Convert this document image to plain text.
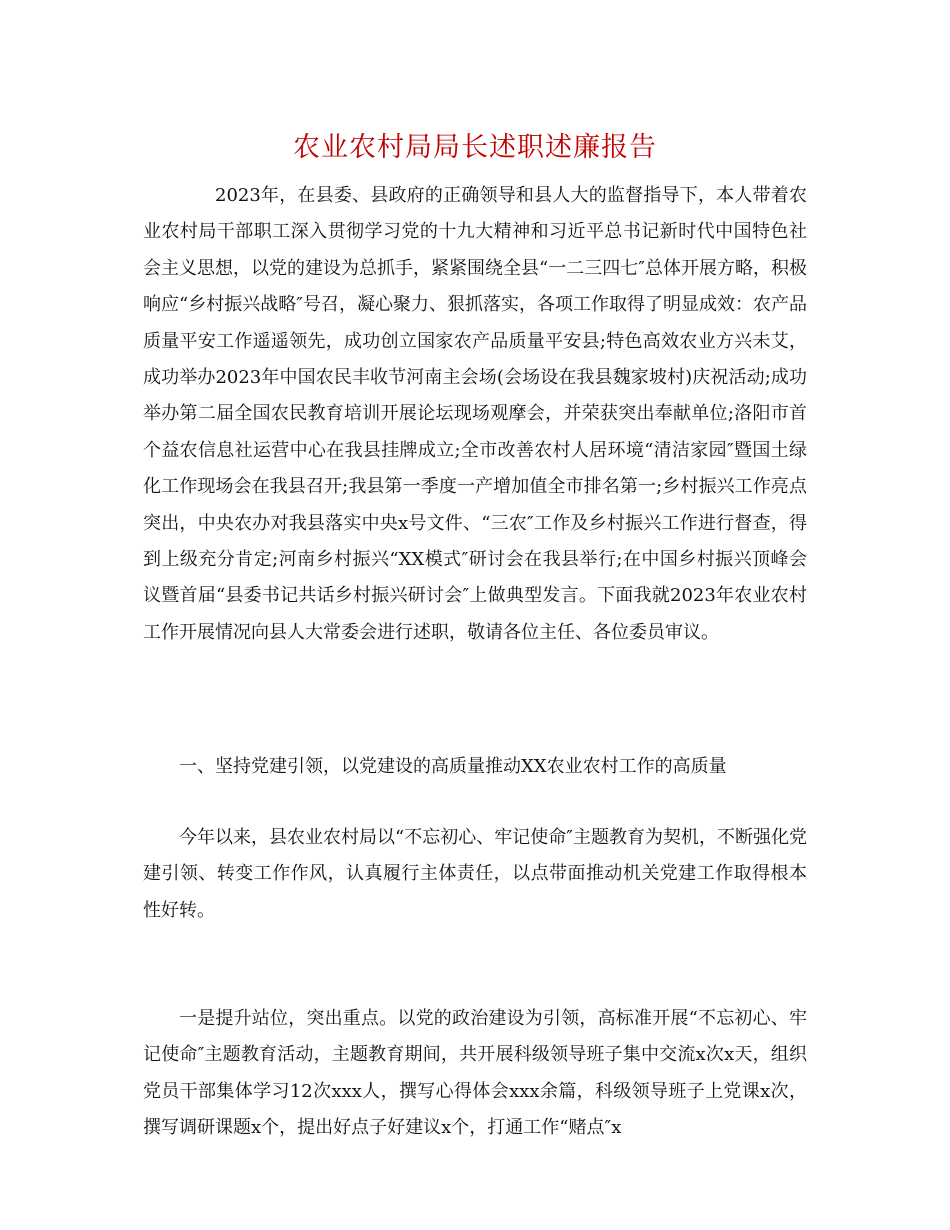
农业农村局局长述职述廉报告

2023年，在县委、县政府的正确领导和县人大的监督指导下，本人带着农业农村局干部职工深入贯彻学习党的十九大精神和习近平总书记新时代中国特色社会主义思想，以党的建设为总抓手，紧紧围绕全县“一二三四七″总体开展方略，积极响应“乡村振兴战略″号召，凝心聚力、狠抓落实，各项工作取得了明显成效：农产品质量平安工作遥遥领先，成功创立国家农产品质量平安县;特色高效农业方兴未艾，成功举办2023年中国农民丰收节河南主会场(会场设在我县魏家坡村)庆祝活动;成功举办第二届全国农民教育培训开展论坛现场观摩会，并荣获突出奉献单位;洛阳市首个益农信息社运营中心在我县挂牌成立;全市改善农村人居环境“清洁家园″暨国土绿化工作现场会在我县召开;我县第一季度一产增加值全市排名第一;乡村振兴工作亮点突出，中央农办对我县落实中央x号文件、“三农″工作及乡村振兴工作进行督查，得到上级充分肯定;河南乡村振兴“XX模式″研讨会在我县举行;在中国乡村振兴顶峰会议暨首届“县委书记共话乡村振兴研讨会″上做典型发言。下面我就2023年农业农村工作开展情况向县人大常委会进行述职，敬请各位主任、各位委员审议。

一、坚持党建引领，以党建设的高质量推动XX农业农村工作的高质量

今年以来，县农业农村局以“不忘初心、牢记使命″主题教育为契机，不断强化党建引领、转变工作作风，认真履行主体责任，以点带面推动机关党建工作取得根本性好转。

一是提升站位，突出重点。以党的政治建设为引领，高标准开展“不忘初心、牢记使命″主题教育活动，主题教育期间，共开展科级领导班子集中交流x次x天，组织党员干部集体学习12次xxx人，撰写心得体会xxx余篇，科级领导班子上党课x次，撰写调研课题x个，提出好点子好建议x个，打通工作“赌点″x
